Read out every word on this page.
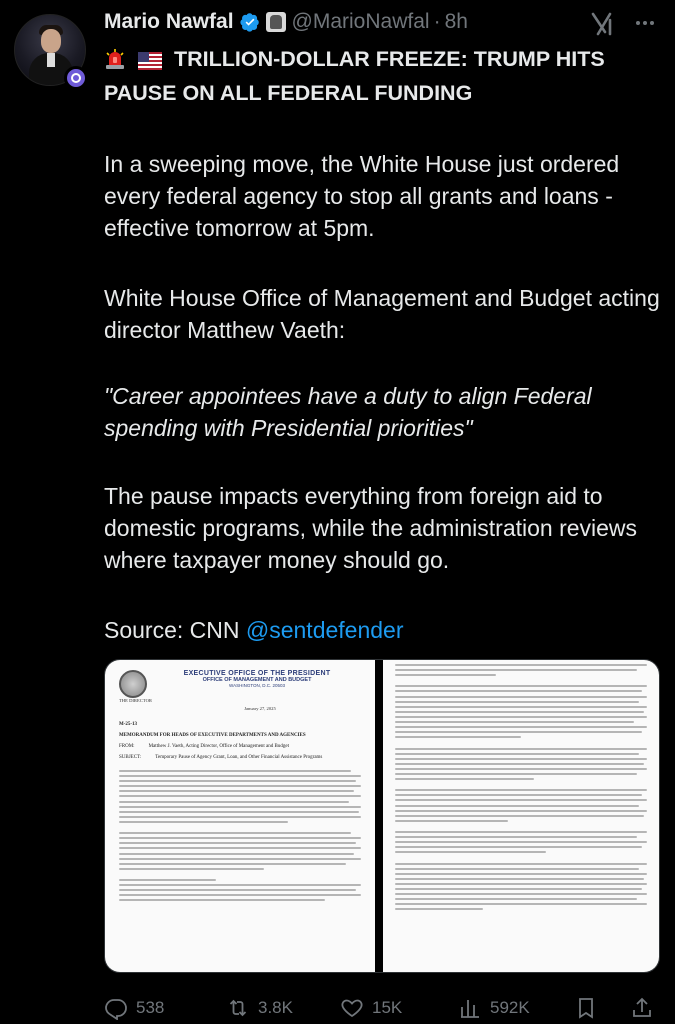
Mario Nawfal	@MarioNawfal · 8h
TRILLION-DOLLAR FREEZE: TRUMP HITS PAUSE ON ALL FEDERAL FUNDING
In a sweeping move, the White House just ordered every federal agency to stop all grants and loans - effective tomorrow at 5pm.
White House Office of Management and Budget acting director Matthew Vaeth:
"Career appointees have a duty to align Federal spending with Presidential priorities"
The pause impacts everything from foreign aid to domestic programs, while the administration reviews where taxpayer money should go.
Source: CNN @sentdefender
EXECUTIVE OFFICE OF THE PRESIDENT
OFFICE OF MANAGEMENT AND BUDGET
WASHINGTON, D.C. 20503
THE DIRECTOR
January 27, 2025
M-25-13
MEMORANDUM FOR HEADS OF EXECUTIVE DEPARTMENTS AND AGENCIES
FROM:	Matthew J. Vaeth, Acting Director, Office of Management and Budget
SUBJECT:	Temporary Pause of Agency Grant, Loan, and Other Financial Assistance Programs
538	3.8K	15K	592K
